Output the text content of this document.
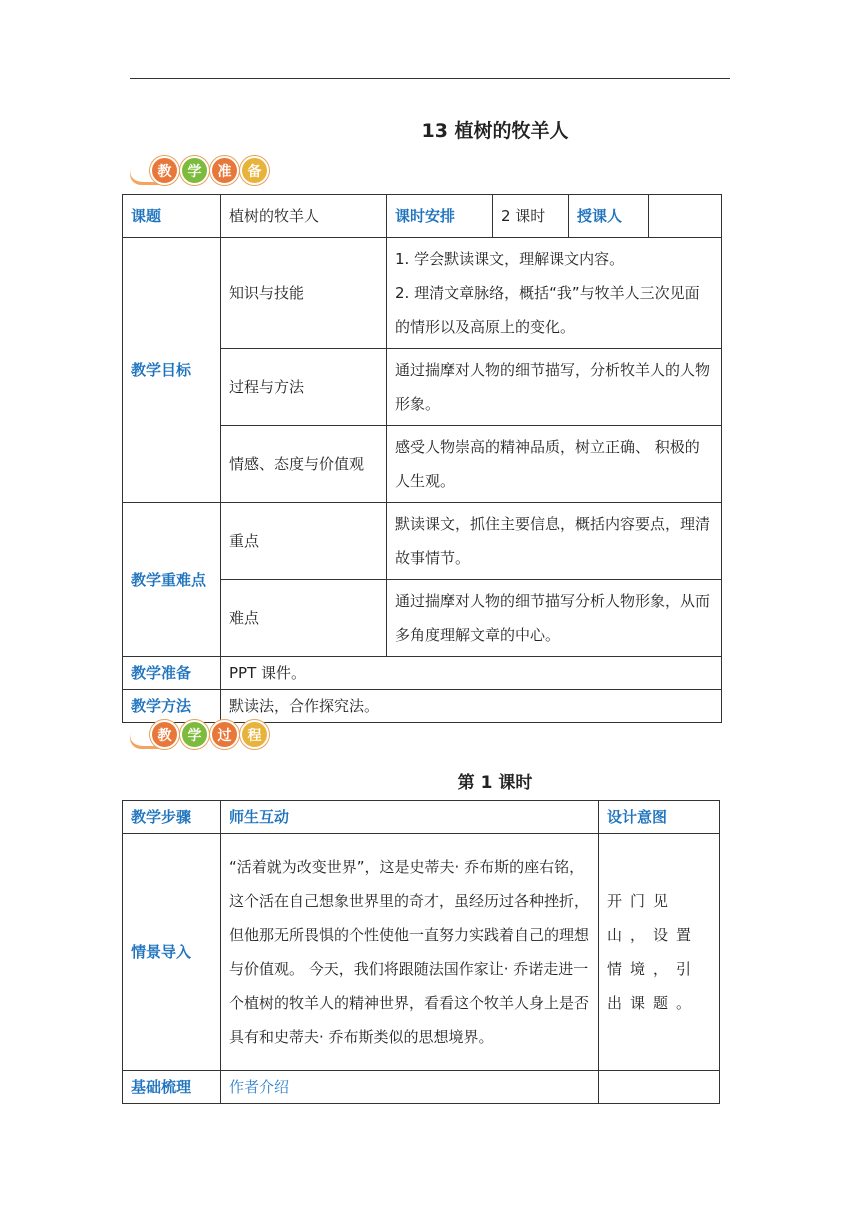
13 植树的牧羊人
教	学	准	备
课题	植树的牧羊人	课时安排	2 课时	授课人	
教学目标	知识与技能	1. 学会默读课文，理解课文内容。

2. 理清文章脉络，概括“我”与牧羊人三次见面的情形以及高原上的变化。			

	过程与方法	通过揣摩对人物的细节描写，分析牧羊人的人物形象。			
	情感、态度与价值观	感受人物崇高的精神品质，树立正确、 积极的人生观。			
教学重难点	重点	默读课文，抓住主要信息，概括内容要点，理清故事情节。			
	难点	通过揣摩对人物的细节描写分析人物形象，从而多角度理解文章的中心。			
教学准备	PPT 课件。				
教学方法	默读法，合作探究法。				
教	学	过	程
第 1 课时
教学步骤	师生互动	设计意图
情景导入	“活着就为改变世界”，这是史蒂夫· 乔布斯的座右铭，这个活在自己想象世界里的奇才，虽经历过各种挫折，但他那无所畏惧的个性使他一直努力实践着自己的理想与价值观。 今天，我们将跟随法国作家让· 乔诺走进一个植树的牧羊人的精神世界，看看这个牧羊人身上是否具有和史蒂夫· 乔布斯类似的思想境界。	开门见山，设置情境，引出课题。
基础梳理	作者介绍	
